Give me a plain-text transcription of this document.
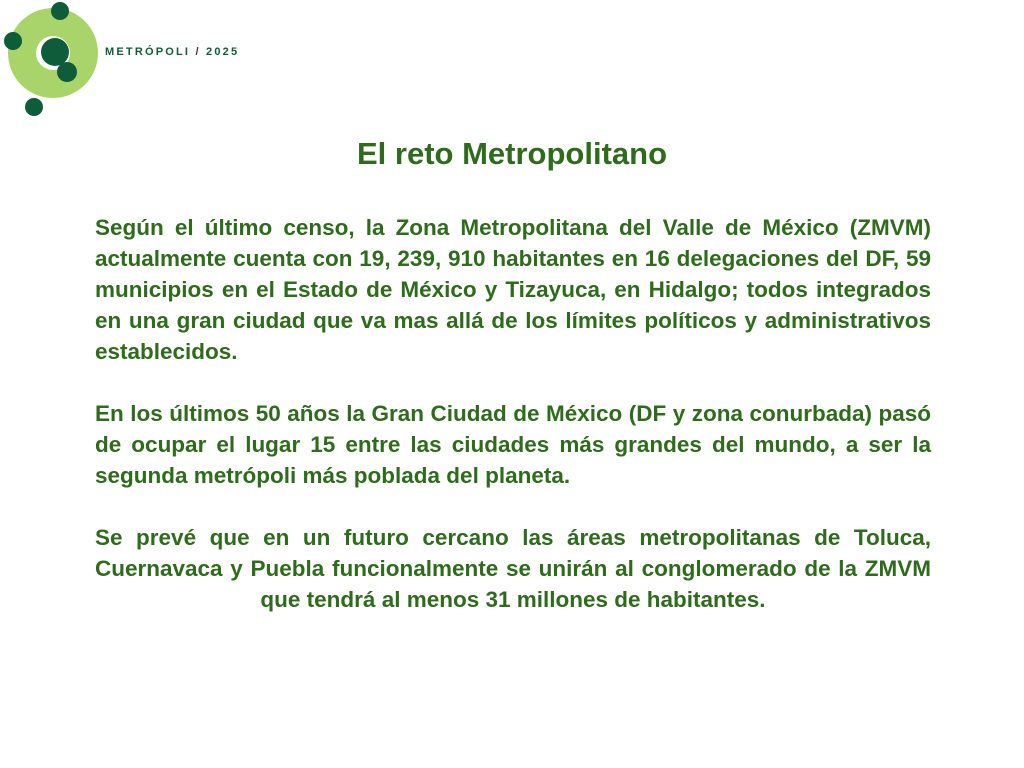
METRÓPOLI / 2025
El reto Metropolitano

Según el último censo, la Zona Metropolitana del Valle de México (ZMVM) actualmente cuenta con 19, 239, 910 habitantes en 16 delegaciones del DF, 59 municipios en el Estado de México y Tizayuca, en Hidalgo; todos integrados en una gran ciudad que va mas allá de los límites políticos y administrativos establecidos.

En los últimos 50 años la Gran Ciudad de México (DF y zona conurbada) pasó de ocupar el lugar 15 entre las ciudades más grandes del mundo, a ser la segunda metrópoli más poblada del planeta.

Se prevé que en un futuro cercano las áreas metropolitanas de Toluca, Cuernavaca y Puebla funcionalmente se unirán al conglomerado de la ZMVM que tendrá al menos 31 millones de habitantes.
